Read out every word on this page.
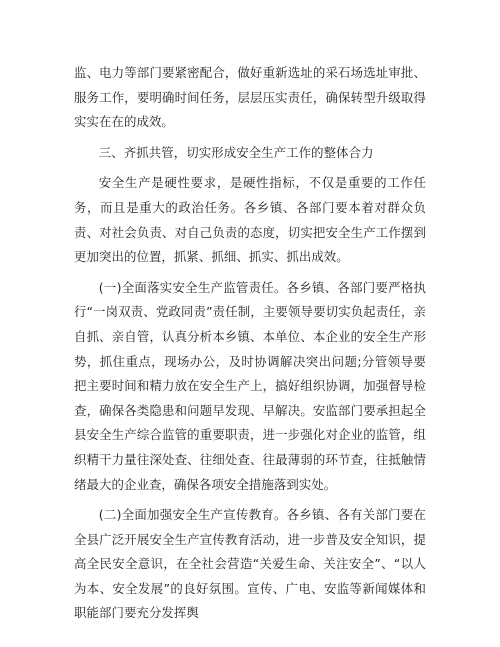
监、电力等部门要紧密配合，做好重新选址的采石场选址审批、服务工作，要明确时间任务，层层压实责任，确保转型升级取得实实在在的成效。

三、齐抓共管，切实形成安全生产工作的整体合力

安全生产是硬性要求，是硬性指标，不仅是重要的工作任务，而且是重大的政治任务。各乡镇、各部门要本着对群众负责、对社会负责、对自己负责的态度，切实把安全生产工作摆到更加突出的位置，抓紧、抓细、抓实、抓出成效。

(一)全面落实安全生产监管责任。各乡镇、各部门要严格执行“一岗双责、党政同责”责任制，主要领导要切实负起责任，亲自抓、亲自管，认真分析本乡镇、本单位、本企业的安全生产形势，抓住重点，现场办公，及时协调解决突出问题;分管领导要把主要时间和精力放在安全生产上，搞好组织协调，加强督导检查，确保各类隐患和问题早发现、早解决。安监部门要承担起全县安全生产综合监管的重要职责，进一步强化对企业的监管，组织精干力量往深处查、往细处查、往最薄弱的环节查，往抵触情绪最大的企业查，确保各项安全措施落到实处。

(二)全面加强安全生产宣传教育。各乡镇、各有关部门要在全县广泛开展安全生产宣传教育活动，进一步普及安全知识，提高全民安全意识，在全社会营造“关爱生命、关注安全”、“以人为本、安全发展”的良好氛围。宣传、广电、安监等新闻媒体和职能部门要充分发挥舆
